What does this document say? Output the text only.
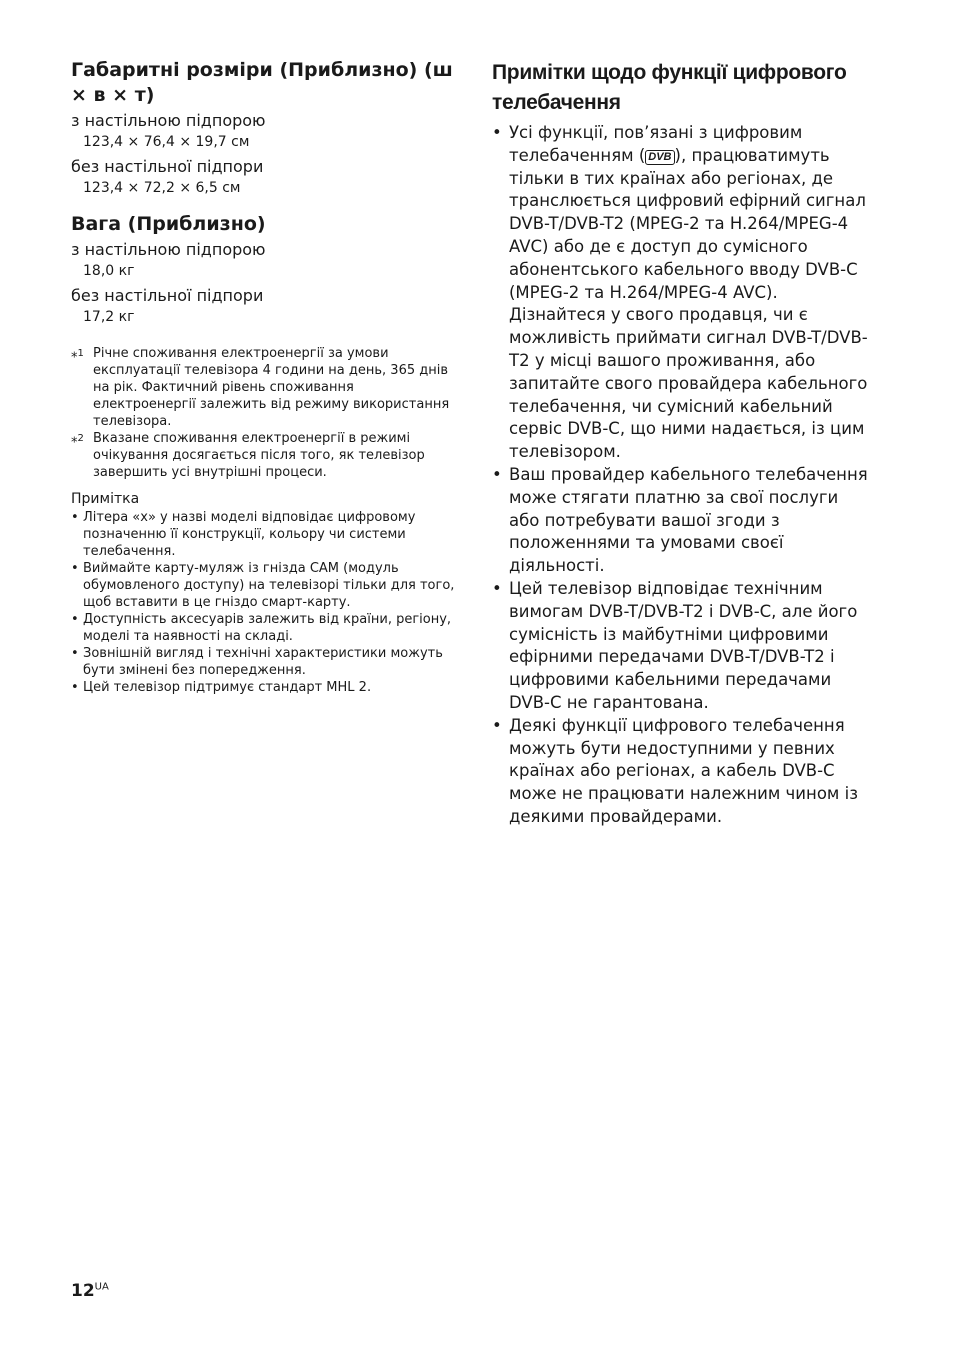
Габаритні розміри (Приблизно) (ш × в × т)

з настільною підпорою

123,4 × 76,4 × 19,7 см

без настільної підпори

123,4 × 72,2 × 6,5 см

Вага (Приблизно)

з настільною підпорою

18,0 кг

без настільної підпори

17,2 кг

*$^1$ Річне споживання електроенергії за умови експлуатації телевізора 4 години на день, 365 днів на рік. Фактичний рівень споживання електроенергії залежить від режиму використання телевізора.
*$^2$ Вказане споживання електроенергії в режимі очікування досягається після того, як телевізор завершить усі внутрішні процеси.
Примітка
• Літера «x» у назві моделі відповідає цифровому позначенню її конструкції, кольору чи системи телебачення.
• Виймайте карту-муляж із гнізда CAM (модуль обумовленого доступу) на телевізорі тільки для того, щоб вставити в це гніздо смарт-карту.
• Доступність аксесуарів залежить від країни, регіону, моделі та наявності на складі.
• Зовнішній вигляд і технічні характеристики можуть бути змінені без попередження.
• Цей телевізор підтримує стандарт MHL 2.
Примітки щодо функції цифрового телебачення
• Усі функції, пов’язані з цифровим телебаченням ( DVB ), працюватимуть тільки в тих країнах або регіонах, де транслюється цифровий ефірний сигнал DVB-T/DVB-T2 (MPEG-2 та H.264/MPEG-4 AVC) або де є доступ до сумісного абонентського кабельного вводу DVB-C (MPEG-2 та H.264/MPEG-4 AVC). Дізнайтеся у свого продавця, чи є можливість приймати сигнал DVB-T/DVB-T2 у місці вашого проживання, або запитайте свого провайдера кабельного телебачення, чи сумісний кабельний сервіс DVB-C, що ними надається, із цим телевізором.
• Ваш провайдер кабельного телебачення може стягати платню за свої послуги або потребувати вашої згоди з положеннями та умовами своєї діяльності.
• Цей телевізор відповідає технічним вимогам DVB-T/DVB-T2 і DVB-C, але його сумісність із майбутніми цифровими ефірними передачами DVB-T/DVB-T2 і цифровими кабельними передачами DVB-C не гарантована.
• Деякі функції цифрового телебачення можуть бути недоступними у певних країнах або регіонах, а кабель DVB-C може не працювати належним чином із деякими провайдерами.
$12^{UA}$
